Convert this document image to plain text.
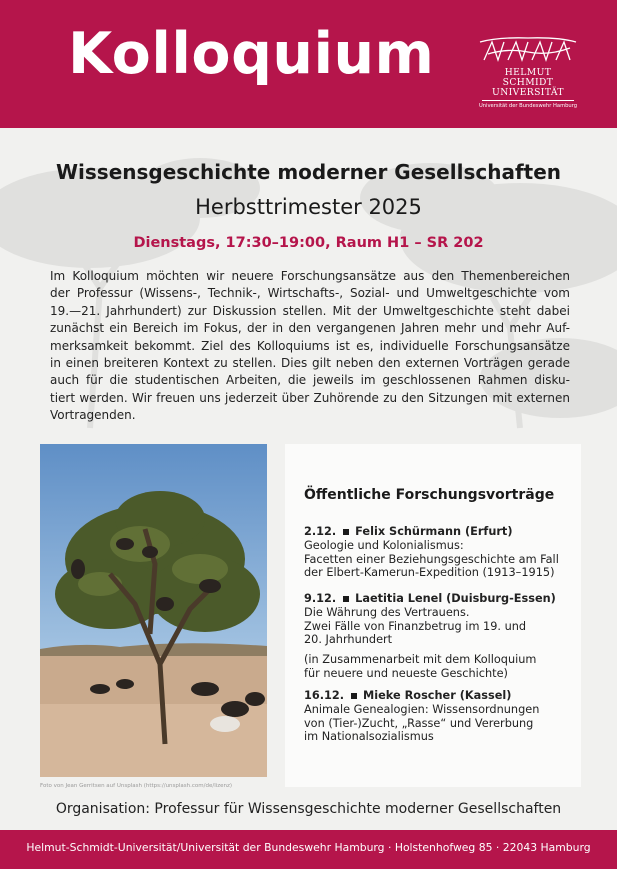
Kolloquium	HELMUT SCHMIDT
UNIVERSITÄT
Universität der Bundeswehr Hamburg
Wissensgeschichte moderner Gesellschaften
Herbsttrimester 2025
Dienstags, 17:30–19:00, Raum H1 – SR 202

Im Kolloquium möchten wir neuere Forschungsansätze aus den Themenbereichen

der Professur (Wissens-, Technik-, Wirtschafts-, Sozial- und Umweltgeschichte vom

19.—21. Jahrhundert) zur Diskussion stellen. Mit der Umweltgeschichte steht dabei

zunächst ein Bereich im Fokus, der in den vergangenen Jahren mehr und mehr Auf-

merksamkeit bekommt. Ziel des Kolloquiums ist es, individuelle Forschungsansätze

in einen breiteren Kontext zu stellen. Dies gilt neben den externen Vorträgen gerade

auch für die studentischen Arbeiten, die jeweils im geschlossenen Rahmen disku-

tiert werden. Wir freuen uns jederzeit über Zuhörende zu den Sitzungen mit externen

Vortragenden.

Foto von Jean Gerritsen auf Unsplash (https://unsplash.com/de/lizenz)
Öffentliche Forschungsvorträge
2.12. Felix Schürmann (Erfurt)
Geologie und Kolonialismus:
Facetten einer Beziehungsgeschichte am Fall
der Elbert-Kamerun-Expedition (1913–1915)
9.12. Laetitia Lenel (Duisburg-Essen)
Die Währung des Vertrauens.
Zwei Fälle von Finanzbetrug im 19. und
20. Jahrhundert
(in Zusammenarbeit mit dem Kolloquium
für neuere und neueste Geschichte)
16.12. Mieke Roscher (Kassel)
Animale Genealogien: Wissensordnungen
von (Tier-)Zucht, „Rasse“ und Vererbung
im Nationalsozialismus
Organisation: Professur für Wissensgeschichte moderner Gesellschaften
Helmut-Schmidt-Universität/Universität der Bundeswehr Hamburg · Holstenhofweg 85 · 22043 Hamburg
